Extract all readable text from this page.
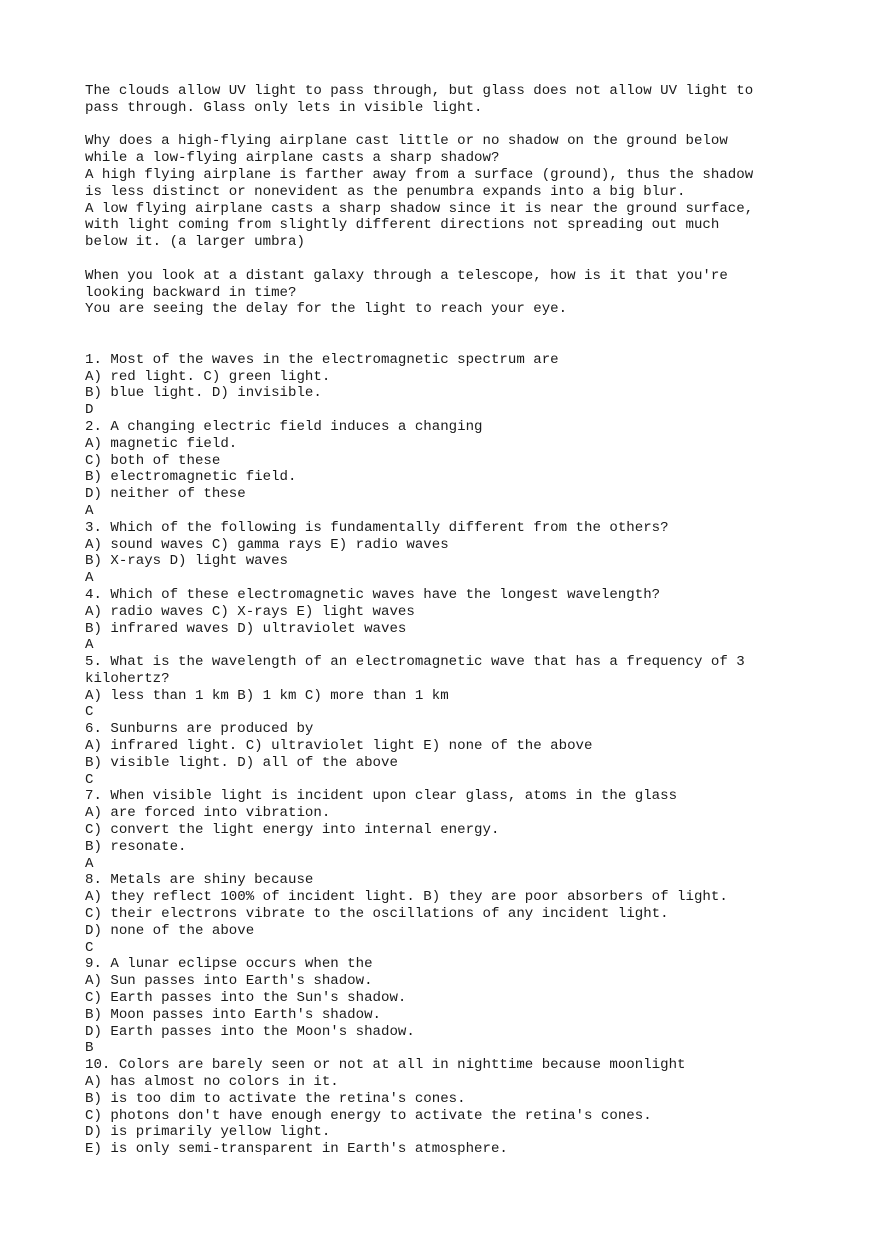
The clouds allow UV light to pass through, but glass does not allow UV light to
pass through. Glass only lets in visible light.
Why does a high-flying airplane cast little or no shadow on the ground below
while a low-flying airplane casts a sharp shadow?
A high flying airplane is farther away from a surface (ground), thus the shadow
is less distinct or nonevident as the penumbra expands into a big blur.
A low flying airplane casts a sharp shadow since it is near the ground surface,
with light coming from slightly different directions not spreading out much
below it. (a larger umbra)
When you look at a distant galaxy through a telescope, how is it that you're
looking backward in time?
You are seeing the delay for the light to reach your eye.
1. Most of the waves in the electromagnetic spectrum are
A) red light. C) green light.
B) blue light. D) invisible.
D
2. A changing electric field induces a changing
A) magnetic field.
C) both of these
B) electromagnetic field.
D) neither of these
A
3. Which of the following is fundamentally different from the others?
A) sound waves C) gamma rays E) radio waves
B) X-rays D) light waves
A
4. Which of these electromagnetic waves have the longest wavelength?
A) radio waves C) X-rays E) light waves
B) infrared waves D) ultraviolet waves
A
5. What is the wavelength of an electromagnetic wave that has a frequency of 3
kilohertz?
A) less than 1 km B) 1 km C) more than 1 km
C
6. Sunburns are produced by
A) infrared light. C) ultraviolet light E) none of the above
B) visible light. D) all of the above
C
7. When visible light is incident upon clear glass, atoms in the glass
A) are forced into vibration.
C) convert the light energy into internal energy.
B) resonate.
A
8. Metals are shiny because
A) they reflect 100% of incident light. B) they are poor absorbers of light.
C) their electrons vibrate to the oscillations of any incident light.
D) none of the above
C
9. A lunar eclipse occurs when the
A) Sun passes into Earth's shadow.
C) Earth passes into the Sun's shadow.
B) Moon passes into Earth's shadow.
D) Earth passes into the Moon's shadow.
B
10. Colors are barely seen or not at all in nighttime because moonlight
A) has almost no colors in it.
B) is too dim to activate the retina's cones.
C) photons don't have enough energy to activate the retina's cones.
D) is primarily yellow light.
E) is only semi-transparent in Earth's atmosphere.
